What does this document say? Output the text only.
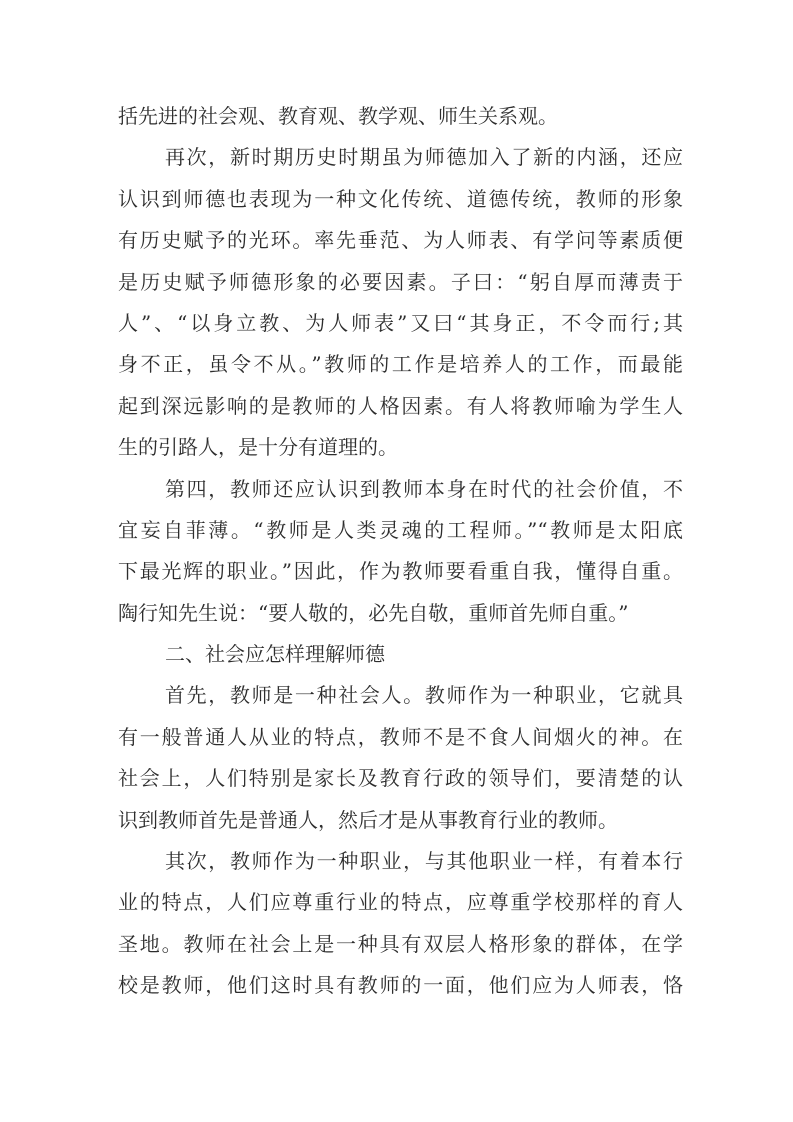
括先进的社会观、教育观、教学观、师生关系观。
再次，新时期历史时期虽为师德加入了新的内涵，还应
认识到师德也表现为一种文化传统、道德传统，教师的形象
有历史赋予的光环。率先垂范、为人师表、有学问等素质便
是历史赋予师德形象的必要因素。子曰：“躬自厚而薄责于
人”、“以身立教、为人师表”又曰“其身正，不令而行;其
身不正，虽令不从。”教师的工作是培养人的工作，而最能
起到深远影响的是教师的人格因素。有人将教师喻为学生人
生的引路人，是十分有道理的。
第四，教师还应认识到教师本身在时代的社会价值，不
宜妄自菲薄。“教师是人类灵魂的工程师。”“教师是太阳底
下最光辉的职业。”因此，作为教师要看重自我，懂得自重。
陶行知先生说：“要人敬的，必先自敬，重师首先师自重。”
二、社会应怎样理解师德
首先，教师是一种社会人。教师作为一种职业，它就具
有一般普通人从业的特点，教师不是不食人间烟火的神。在
社会上，人们特别是家长及教育行政的领导们，要清楚的认
识到教师首先是普通人，然后才是从事教育行业的教师。
其次，教师作为一种职业，与其他职业一样，有着本行
业的特点，人们应尊重行业的特点，应尊重学校那样的育人
圣地。教师在社会上是一种具有双层人格形象的群体，在学
校是教师，他们这时具有教师的一面，他们应为人师表，恪
